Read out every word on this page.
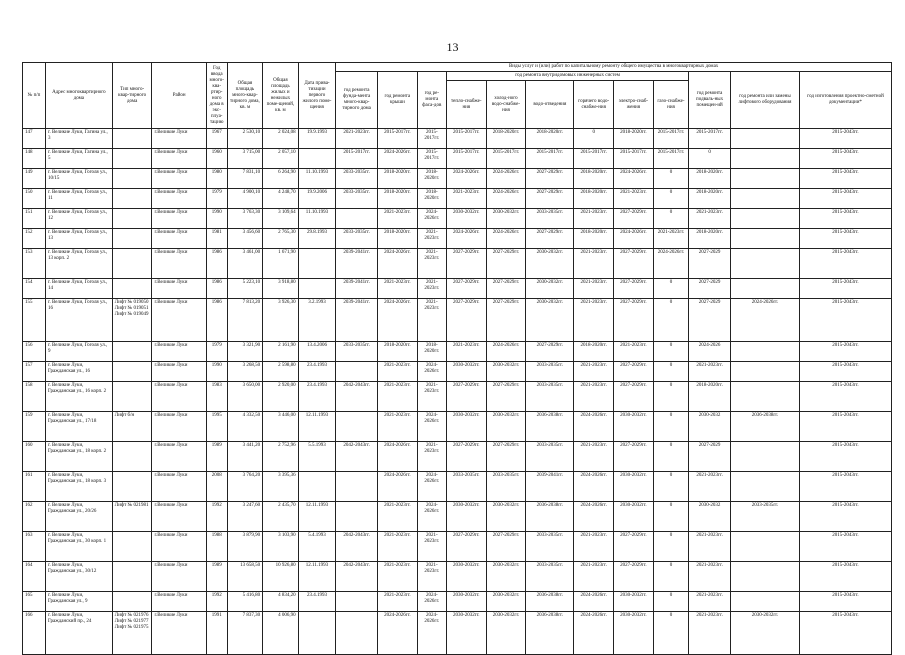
13
№ п/п	Адрес многоквартирного дома	Тип много-квар-тирного дома	Район	Год ввода много-ква-ртир-ного дома в экс-плуа-тацию	Общая площадь много-квар-тирного дома, кв. м	Общая площадь жилых и нежилых поме-щений, кв. м	Дата прива-тизации первого жилого поме-щения	Виды услуг и (или) работ по капитальному ремонту общего имущества в многоквартирных домах											
								год ремонта фунда-мента много-квар-тирного дома	год ремонта крыши	год ре-монта фаса-дов	год ремонта внутридомовых инженерных систем						год ремонта подваль-ных помещен-ий	год ремонта или замены лифтового оборудования	год изготовления проектно-сметной документации*
											тепло-снабже-ния	холод-ного водо-снабже-ния	водо-отведения	горячего водо-снабже-ния	электро-снаб-жения	газо-снабже-ния			
147	г. Великие Луки, Гагина ул., 3		г.Великие Луки	1967	2 530,10	2 024,08	19.9.1993	2021-2023гг.	2015-2017гг.	2015-2017гг.	2015-2017гг.	2018-2020гг.	2018-2020гг.	0	2018-2020гг.	2015-2017гг.	2015-2017гг.		2015-2043гг.
148	г. Великие Луки, Гагина ул., 5		г.Великие Луки	1960	3 715,00	2 057,10		2015-2017гг.	2024-2026гг.	2015-2017гг.	2015-2017гг.	2015-2017гг.	2015-2017гг.	2015-2017гг.	2015-2017гг.	2015-2017гг.	0		2015-2043гг.
149	г. Великие Луки, Гоголя ул., 10/15		г.Великие Луки	1980	7 831,10	6 264,90	11.10.1993	2033-2035гг.	2018-2020гг.	2018-2020гг.	2024-2026гг.	2024-2026гг.	2027-2029гг.	2018-2020гг.	2024-2026гг.	0	2018-2020гг.		2015-2043гг.
150	г. Великие Луки, Гоголя ул., 11		г.Великие Луки	1979	4 900,10	4 248,70	19.9.2006	2033-2035гг.	2018-2020гг.	2018-2020гг.	2021-2023гг.	2024-2026гг.	2027-2029гг.	2018-2020гг.	2021-2023гг.	0	2018-2020гг.		2015-2043гг.
151	г. Великие Луки, Гоголя ул., 12		г.Великие Луки	1990	3 763,30	3 109,64	11.10.1993		2021-2023гг.	2024-2026гг.	2030-2032гг.	2030-2032гг.	2033-2035гг.	2021-2023гг.	2027-2029гг.	0	2021-2023гг.		2015-2043гг.
152	г. Великие Луки, Гоголя ул., 13		г.Великие Луки	1981	3 456,60	2 765,30	29.8.1993	2033-2035гг.	2018-2020гг.	2021-2023гг.	2024-2026гг.	2024-2026гг.	2027-2029гг.	2018-2020гг.	2024-2026гг.	2021-2023гг.	2018-2020гг.		2015-2043гг.
153	г. Великие Луки, Гоголя ул., 13 корп. 2		г.Великие Луки	1986	3 461,00	1 671,90		2039-2041гг.	2024-2026гг.	2021-2023гг.	2027-2029гг.	2027-2029гг.	2030-2032гг.	2021-2023гг.	2027-2029гг.	2024-2026гг.	2027-2029		2015-2043гг.
154	г. Великие Луки, Гоголя ул., 14		г.Великие Луки	1986	5 223,10	3 918,80		2039-2041гг.	2021-2023гг.	2021-2023гг.	2027-2029гг.	2027-2029гг.	2030-2032гг.	2021-2023гг.	2027-2029гг.	0	2027-2029		2015-2043гг.
155	г. Великие Луки, Гоголя ул., 16	Лифт № 019050 Лифт № 019051 Лифт № 019049	г.Великие Луки	1986	7 813,20	3 926,30	3.2.1993	2039-2041гг.	2024-2026гг.	2021-2023гг.	2027-2029гг.	2027-2029гг.	2030-2032гг.	2021-2023гг.	2027-2029гг.	0	2027-2029	2024-2026гг.	2015-2043гг.
156	г. Великие Луки, Гоголя ул., 9		г.Великие Луки	1979	3 321,90	2 161,90	13.4.2006	2033-2035гг.	2018-2020гг.	2018-2020гг.	2021-2023гг.	2024-2026гг.	2027-2029гг.	2018-2020гг.	2021-2023гг.	0	2024-2026		2015-2043гг.
157	г. Великие Луки, Гражданская ул., 16		г.Великие Луки	1990	3 268,50	2 598,80	23.4.1993		2021-2023гг.	2024-2026гг.	2030-2032гг.	2030-2032гг.	2033-2035гг.	2021-2023гг.	2027-2029гг.	0	2021-2023гг.		2015-2043гг.
158	г. Великие Луки, Гражданская ул., 16 корп. 2		г.Великие Луки	1983	3 650,00	2 920,00	23.4.1993	2042-2043гг.	2021-2023гг.	2021-2023гг.	2027-2029гг.	2027-2029гг.	2033-2035гг.	2021-2023гг.	2027-2029гг.	0	2018-2020гг.		2015-2043гг.
159	г. Великие Луки, Гражданская ул., 17/18	Лифт б/н	г.Великие Луки	1995	4 332,50	3 446,00	12.11.1993		2021-2023гг.	2024-2026гг.	2030-2032гг.	2030-2032гг.	2036-2038гг.	2024-2026гг.	2030-2032гг.	0	2030-2032	2036-2038гг.	2015-2043гг.
160	г. Великие Луки, Гражданская ул., 18 корп. 2		г.Великие Луки	1989	3 441,20	2 752,96	5.5.1993	2042-2043гг.	2024-2026гг.	2021-2023гг.	2027-2029гг.	2027-2029гг.	2033-2035гг.	2021-2023гг.	2027-2029гг.	0	2027-2029		2015-2043гг.
161	г. Великие Луки, Гражданская ул., 18 корп. 3		г.Великие Луки	2008	3 764,20	3 395,36			2024-2026гг.	2024-2026гг.	2033-2035гг.	2033-2035гг.	2039-2041гг.	2024-2026гг.	2030-2032гг.	0	2021-2023гг.		2015-2043гг.
162	г. Великие Луки, Гражданская ул., 20/26	Лифт № 021981	г.Великие Луки	1992	3 247,60	2 435,70	12.11.1993		2021-2023гг.	2024-2026гг.	2030-2032гг.	2030-2032гг.	2036-2038гг.	2024-2026гг.	2030-2032гг.	0	2030-2032	2033-2035гг.	2015-2043гг.
163	г. Великие Луки, Гражданская ул., 30 корп. 1		г.Великие Луки	1988	3 879,90	3 103,90	5.4.1993	2042-2043гг.	2021-2023гг.	2021-2023гг.	2027-2029гг.	2027-2029гг.	2033-2035гг.	2021-2023гг.	2027-2029гг.	0	2021-2023гг.		2015-2043гг.
164	г. Великие Луки, Гражданская ул., 30/12		г.Великие Луки	1989	13 658,50	10 926,80	12.11.1993	2042-2043гг.	2021-2023гг.	2021-2023гг.	2030-2032гг.	2030-2032гг.	2033-2035гг.	2021-2023гг.	2027-2029гг.	0	2021-2023гг.		2015-2043гг.
165	г. Великие Луки, Гражданская ул., 9		г.Великие Луки	1992	5 416,80	4 834,20	23.4.1993		2021-2023гг.	2024-2026гг.	2030-2032гг.	2030-2032гг.	2036-2038гг.	2024-2026гг.	2030-2032гг.	0	2021-2023гг.		2015-2043гг.
166	г. Великие Луки, Гражданский пр., 24	Лифт № 021976 Лифт № 021977 Лифт № 021975	г.Великие Луки	1991	7 837,30	4 006,90			2024-2026гг.	2024-2026гг.	2030-2032гг.	2030-2032гг.	2036-2038гг.	2024-2026гг.	2030-2032гг.	0	2021-2023гг.	2030-2032гг.	2015-2043гг.
